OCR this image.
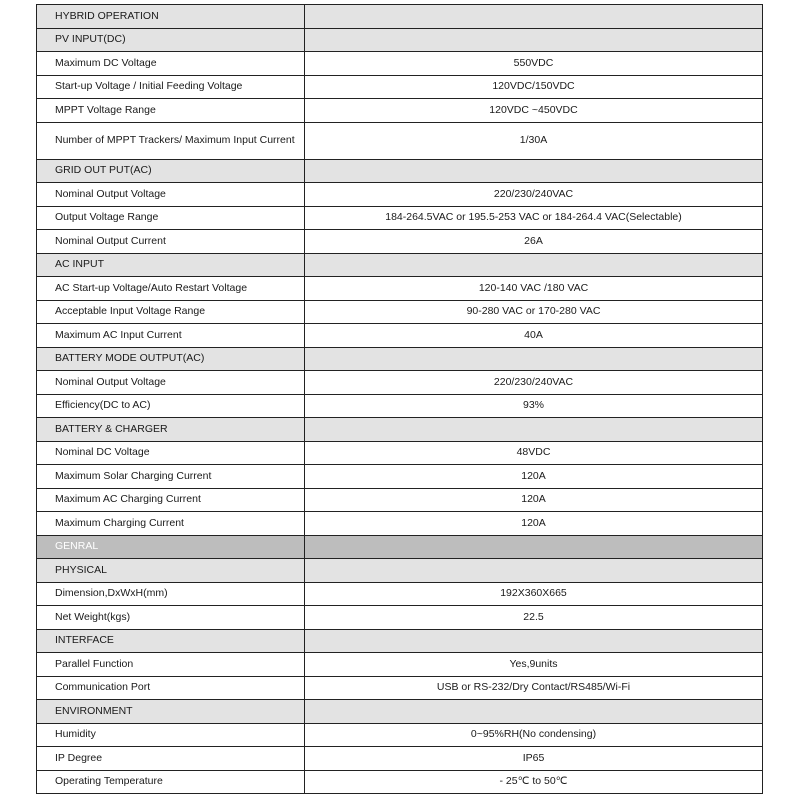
HYBRID OPERATION	
PV INPUT(DC)	
Maximum DC Voltage	550VDC
Start-up Voltage / Initial Feeding Voltage	120VDC/150VDC
MPPT Voltage Range	120VDC ~450VDC
Number of MPPT Trackers/ Maximum Input Current	1/30A
GRID OUT PUT(AC)	
Nominal Output Voltage	220/230/240VAC
Output Voltage Range	184-264.5VAC or 195.5-253 VAC or 184-264.4 VAC(Selectable)
Nominal Output Current	26A
AC INPUT	
AC Start-up Voltage/Auto Restart Voltage	120-140 VAC /180 VAC
Acceptable Input Voltage Range	90-280 VAC or 170-280 VAC
Maximum AC Input Current	40A
BATTERY MODE OUTPUT(AC)	
Nominal Output Voltage	220/230/240VAC
Efficiency(DC to AC)	93%
BATTERY & CHARGER	
Nominal DC Voltage	48VDC
Maximum Solar Charging Current	120A
Maximum AC Charging Current	120A
Maximum Charging Current	120A
GENRAL	
PHYSICAL	
Dimension,DxWxH(mm)	192X360X665
Net Weight(kgs)	22.5
INTERFACE	
Parallel Function	Yes,9units
Communication Port	USB or RS-232/Dry Contact/RS485/Wi-Fi
ENVIRONMENT	
Humidity	0~95%RH(No condensing)
IP Degree	IP65
Operating Temperature	- 25℃ to 50℃
